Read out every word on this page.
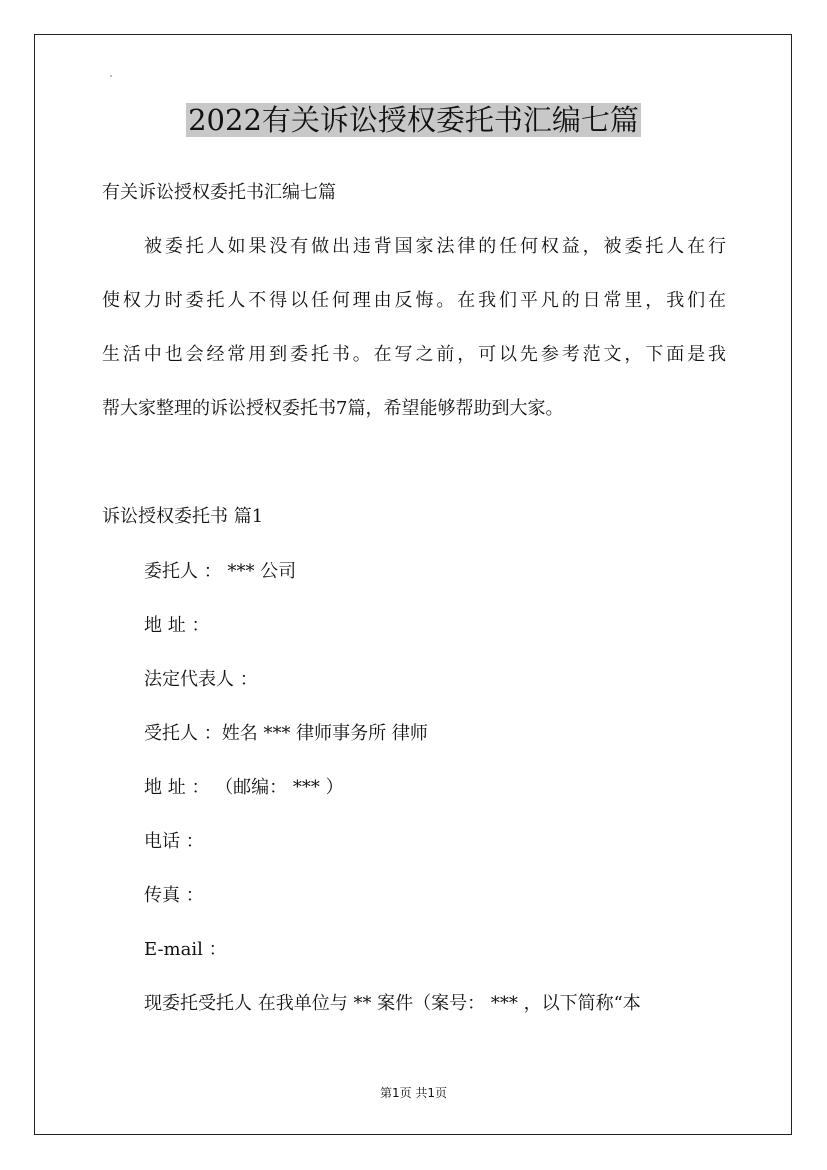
2022有关诉讼授权委托书汇编七篇
有关诉讼授权委托书汇编七篇
被委托人如果没有做出违背国家法律的任何权益，被委托人在行
使权力时委托人不得以任何理由反悔。在我们平凡的日常里，我们在
生活中也会经常用到委托书。在写之前，可以先参考范文，下面是我
帮大家整理的诉讼授权委托书7篇，希望能够帮助到大家。
诉讼授权委托书 篇1
委托人 ： *** 公司
地 址 ：
法定代表人 ：
受托人 ：姓名 *** 律师事务所 律师
地 址 ： （邮编： *** ）
电话 ：
传真 ：
E-mail ：
现委托受托人 在我单位与 ** 案件（案号： *** ，以下简称“本
第1页 共1页
